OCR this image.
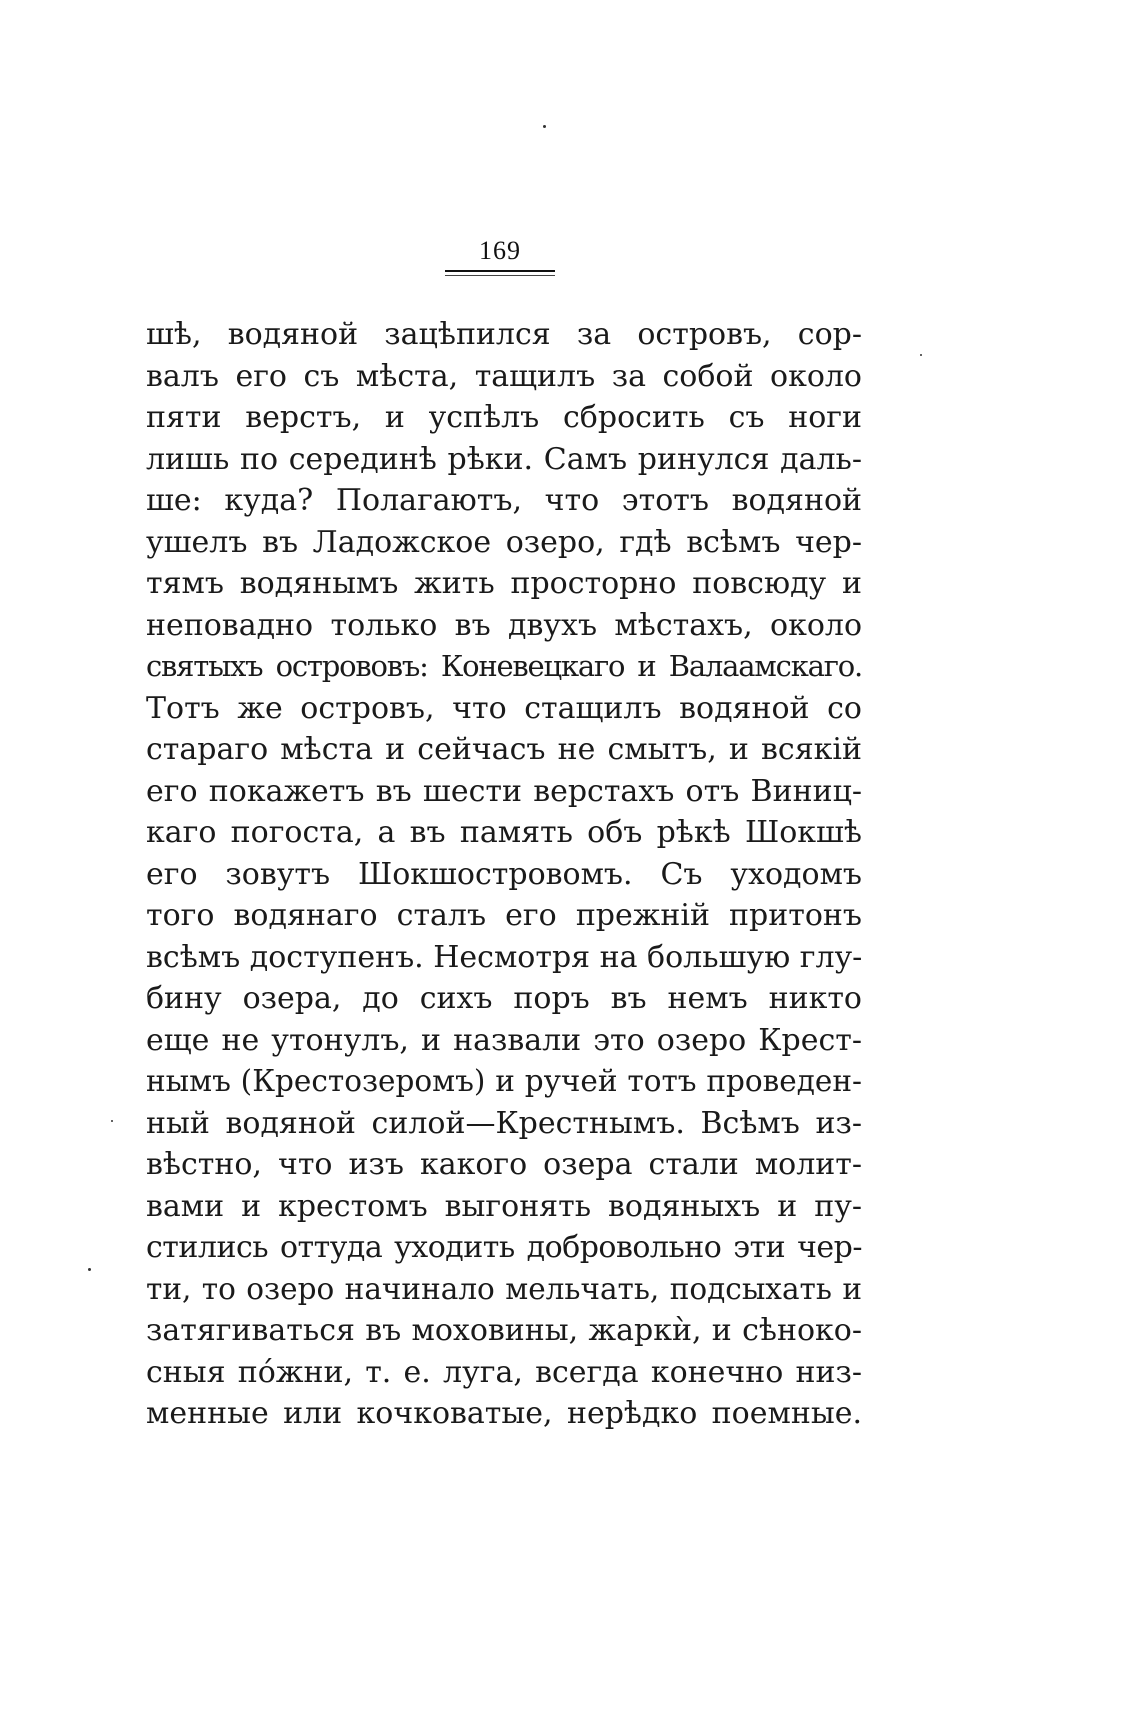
169
шѣ, водяной зацѣпился за островъ, сор-
валъ его съ мѣста, тащилъ за собой около
пяти верстъ, и успѣлъ сбросить съ ноги
лишь по серединѣ рѣки. Самъ ринулся даль-
ше: куда? Полагаютъ, что этотъ водяной
ушелъ въ Ладожское озеро, гдѣ всѣмъ чер-
тямъ водянымъ жить просторно повсюду и
неповадно только въ двухъ мѣстахъ, около
святыхъ острововъ: Коневецкаго и Валаамскаго.
Тотъ же островъ, что стащилъ водяной со
стараго мѣста и сейчасъ не смытъ, и всякій
его покажетъ въ шести верстахъ отъ Виниц-
каго погоста, а въ память объ рѣкѣ Шокшѣ
его зовутъ Шокшостровомъ. Съ уходомъ
того водянаго сталъ его прежній притонъ
всѣмъ доступенъ. Несмотря на большую глу-
бину озера, до сихъ поръ въ немъ никто
еще не утонулъ, и назвали это озеро Крест-
нымъ (Крестозеромъ) и ручей тотъ проведен-
ный водяной силой—Крестнымъ. Всѣмъ из-
вѣстно, что изъ какого озера стали молит-
вами и крестомъ выгонять водяныхъ и пу-
стились оттуда уходить добровольно эти чер-
ти, то озеро начинало мельчать, подсыхать и
затягиваться въ моховины, жаркѝ, и сѣноко-
сныя пóжни, т. е. луга, всегда конечно низ-
менные или кочковатые, нерѣдко поемные.
